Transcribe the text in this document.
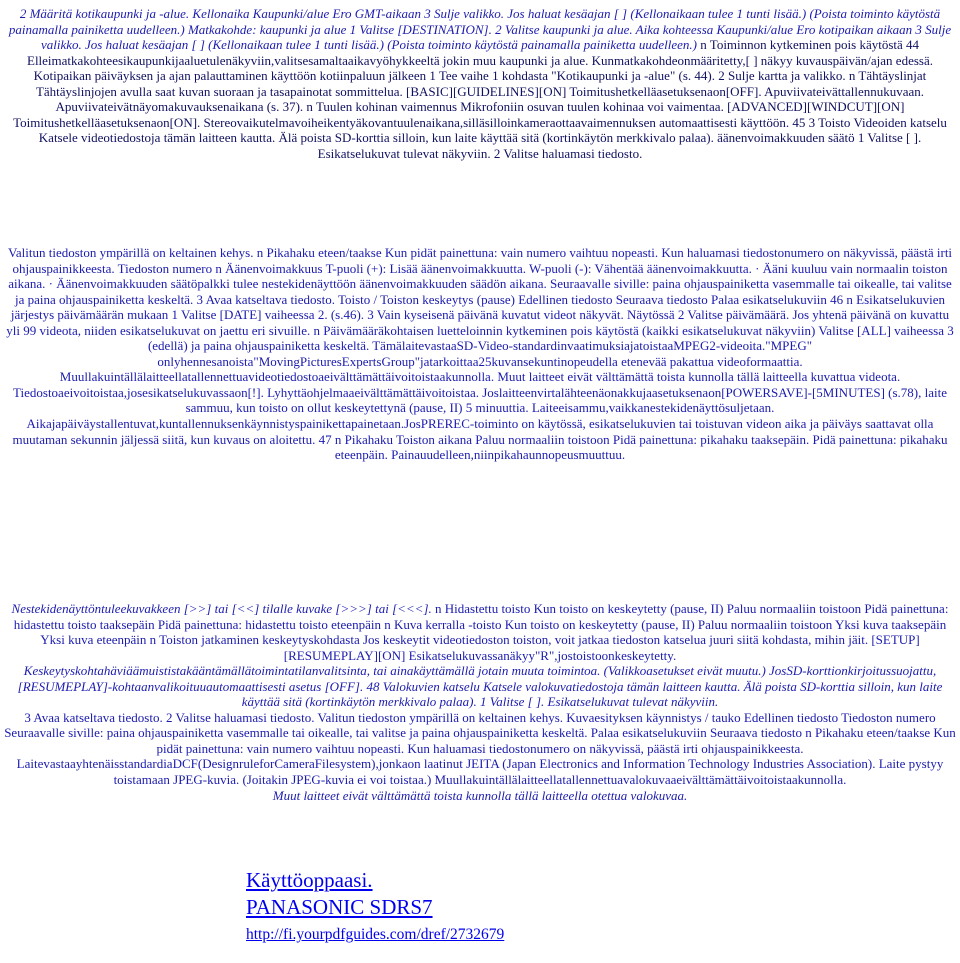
2 Määritä kotikaupunki ja -alue. Kellonaika Kaupunki/alue Ero GMT-aikaan 3 Sulje valikko. Jos haluat kesäajan [ ] (Kellonaikaan tulee 1 tunti lisää.) (Poista toiminto käytöstä painamalla painiketta uudelleen.) Matkakohde: kaupunki ja alue 1 Valitse [DESTINATION]. 2 Valitse kaupunki ja alue. Aika kohteessa Kaupunki/alue Ero kotipaikan aikaan 3 Sulje valikko. Jos haluat kesäajan [ ] (Kellonaikaan tulee 1 tunti lisää.) (Poista toiminto käytöstä painamalla painiketta uudelleen.) n Toiminnon kytkeminen pois käytöstä 44 Elleimatkakohteesikaupunkijaaluetulenäkyviin,valitsesamaltaaikavyöhykkeeltä jokin muu kaupunki ja alue. Kunmatkakohdeonmääritetty,[ ] näkyy kuvauspäivän/ajan edessä. Kotipaikan päiväyksen ja ajan palauttaminen käyttöön kotiinpaluun jälkeen 1 Tee vaihe 1 kohdasta "Kotikaupunki ja -alue" (s. 44). 2 Sulje kartta ja valikko. n Tähtäyslinjat Tähtäyslinjojen avulla saat kuvan suoraan ja tasapainotat sommittelua. [BASIC][GUIDELINES][ON] Toimitushetkelläasetuksenaon[OFF]. Apuviivateivättallennukuvaan. Apuviivateivätnäyomakuvauksenaikana (s. 37). n Tuulen kohinan vaimennus Mikrofoniin osuvan tuulen kohinaa voi vaimentaa. [ADVANCED][WINDCUT][ON] Toimitushetkelläasetuksenaon[ON]. Stereovaikutelmavoiheikentyäkovantuulenaikana,silläsilloinkameraottaavaimennuksen automaattisesti käyttöön. 45 3 Toisto Videoiden katselu Katsele videotiedostoja tämän laitteen kautta. Älä poista SD-korttia silloin, kun laite käyttää sitä (kortinkäytön merkkivalo palaa). äänenvoimakkuuden säätö 1 Valitse [ ]. Esikatselukuvat tulevat näkyviin. 2 Valitse haluamasi tiedosto.

Valitun tiedoston ympärillä on keltainen kehys. n Pikahaku eteen/taakse Kun pidät painettuna: vain numero vaihtuu nopeasti. Kun haluamasi tiedostonumero on näkyvissä, päästä irti ohjauspainikkeesta. Tiedoston numero n Äänenvoimakkuus T-puoli (+): Lisää äänenvoimakkuutta. W-puoli (-): Vähentää äänenvoimakkuutta. · Ääni kuuluu vain normaalin toiston aikana. · Äänenvoimakkuuden säätöpalkki tulee nestekidenäyttöön äänenvoimakkuuden säädön aikana. Seuraavalle siville: paina ohjauspainiketta vasemmalle tai oikealle, tai valitse ja paina ohjauspainiketta keskeltä. 3 Avaa katseltava tiedosto. Toisto / Toiston keskeytys (pause) Edellinen tiedosto Seuraava tiedosto Palaa esikatselukuviin 46 n Esikatselukuvien järjestys päivämäärän mukaan 1 Valitse [DATE] vaiheessa 2. (s.46). 3 Vain kyseisenä päivänä kuvatut videot näkyvät. Näytössä 2 Valitse päivämäärä. Jos yhtenä päivänä on kuvattu yli 99 videota, niiden esikatselukuvat on jaettu eri sivuille. n Päivämääräkohtaisen luetteloinnin kytkeminen pois käytöstä (kaikki esikatselukuvat näkyviin) Valitse [ALL] vaiheessa 3 (edellä) ja paina ohjauspainiketta keskeltä. TämälaitevastaaSD-Video-standardinvaatimuksiajatoistaaMPEG2-videoita."MPEG" onlyhennesanoista"MovingPicturesExpertsGroup"jatarkoittaa25kuvansekuntinopeudella etenevää pakattua videoformaattia. Muullakuintällälaitteellatallennettuavideotiedostoaeivälttämättäivoitoistaakunnolla. Muut laitteet eivät välttämättä toista kunnolla tällä laitteella kuvattua videota. Tiedostoaeivoitoistaa,josesikatselukuvassaon[!]. Lyhyttäohjelmaaeivälttämättäivoitoistaa. Joslaitteenvirtalähteenäonakkujaasetuksenaon[POWERSAVE]-[5MINUTES] (s.78), laite sammuu, kun toisto on ollut keskeytettynä (pause, II) 5 minuuttia. Laiteeisammu,vaikkanestekidenäyttösuljetaan. Aikajapäiväystallentuvat,kuntallennuksenkäynnistyspainikettapainetaan.JosPREREC-toiminto on käytössä, esikatselukuvien tai toistuvan videon aika ja päiväys saattavat olla muutaman sekunnin jäljessä siitä, kun kuvaus on aloitettu. 47 n Pikahaku Toiston aikana Paluu normaaliin toistoon Pidä painettuna: pikahaku taaksepäin. Pidä painettuna: pikahaku eteenpäin. Painauudelleen,niinpikahaunnopeusmuuttuu.

Nestekidenäyttöntuleekuvakkeen [>>] tai [<<] tilalle kuvake [>>>] tai [<<<]. n Hidastettu toisto Kun toisto on keskeytetty (pause, II) Paluu normaaliin toistoon Pidä painettuna: hidastettu toisto taaksepäin Pidä painettuna: hidastettu toisto eteenpäin n Kuva kerralla -toisto Kun toisto on keskeytetty (pause, II) Paluu normaaliin toistoon Yksi kuva taaksepäin Yksi kuva eteenpäin n Toiston jatkaminen keskeytyskohdasta Jos keskeytit videotiedoston toiston, voit jatkaa tiedoston katselua juuri siitä kohdasta, mihin jäit. [SETUP][RESUMEPLAY][ON] Esikatselukuvassanäkyy"R",jostoistoonkeskeytetty.

Keskeytyskohtahäviäämuististakääntämällätoimintatilanvalitsinta, tai ainakäyttämällä jotain muuta toimintoa. (Valikkoasetukset eivät muutu.) JosSD-korttionkirjoitussuojattu,[RESUMEPLAY]-kohtaanvalikoituuautomaattisesti asetus [OFF]. 48 Valokuvien katselu Katsele valokuvatiedostoja tämän laitteen kautta. Älä poista SD-korttia silloin, kun laite käyttää sitä (kortinkäytön merkkivalo palaa). 1 Valitse [ ]. Esikatselukuvat tulevat näkyviin.

3 Avaa katseltava tiedosto. 2 Valitse haluamasi tiedosto. Valitun tiedoston ympärillä on keltainen kehys. Kuvaesityksen käynnistys / tauko Edellinen tiedosto Tiedoston numero Seuraavalle siville: paina ohjauspainiketta vasemmalle tai oikealle, tai valitse ja paina ohjauspainiketta keskeltä. Palaa esikatselukuviin Seuraava tiedosto n Pikahaku eteen/taakse Kun pidät painettuna: vain numero vaihtuu nopeasti. Kun haluamasi tiedostonumero on näkyvissä, päästä irti ohjauspainikkeesta. LaitevastaayhtenäisstandardiaDCF(DesignruleforCameraFilesystem),jonkaon laatinut JEITA (Japan Electronics and Information Technology Industries Association). Laite pystyy toistamaan JPEG-kuvia. (Joitakin JPEG-kuvia ei voi toistaa.) Muullakuintällälaitteellatallennettuavalokuvaaeivälttämättäivoitoistaakunnolla.

Muut laitteet eivät välttämättä toista kunnolla tällä laitteella otettua valokuvaa.

Käyttöoppaasi.
PANASONIC SDRS7
http://fi.yourpdfguides.com/dref/2732679
